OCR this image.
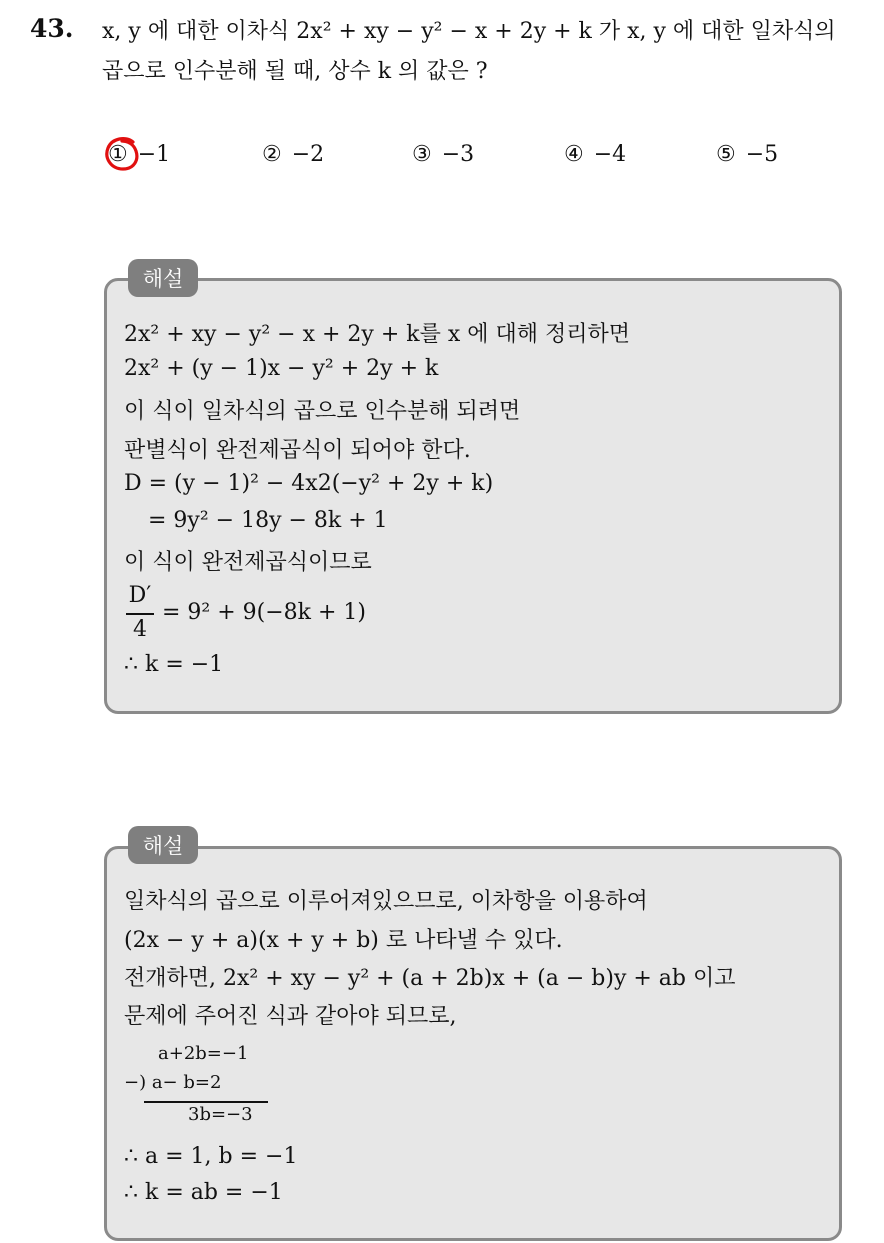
43. x, y 에 대한 이차식 2x² + xy − y² − x + 2y + k 가 x, y 에 대한 일차식의
곱으로 인수분해 될 때, 상수 k 의 값은 ?
① −1	② −2	③ −3	④ −4	⑤ −5
해설
2x² + xy − y² − x + 2y + k를 x 에 대해 정리하면
2x² + (y − 1)x − y² + 2y + k
이 식이 일차식의 곱으로 인수분해 되려면
판별식이 완전제곱식이 되어야 한다.
D = (y − 1)² − 4x2(−y² + 2y + k)
= 9y² − 18y − 8k + 1
이 식이 완전제곱식이므로
D′
4
= 9² + 9(−8k + 1)
∴ k = −1
해설
일차식의 곱으로 이루어져있으므로, 이차항을 이용하여
(2x − y + a)(x + y + b) 로 나타낼 수 있다.
전개하면, 2x² + xy − y² + (a + 2b)x + (a − b)y + ab 이고
문제에 주어진 식과 같아야 되므로,
a+2b=−1
−) a− b=2
3b=−3
∴ a = 1, b = −1
∴ k = ab = −1
